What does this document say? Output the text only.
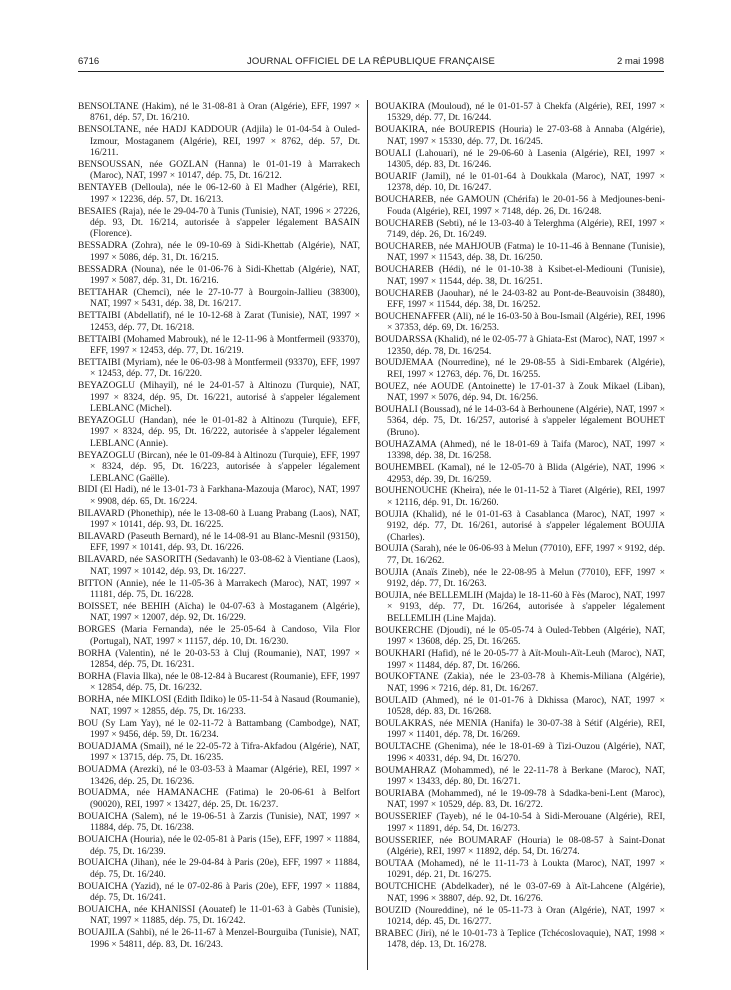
6716	JOURNAL OFFICIEL DE LA RÉPUBLIQUE FRANÇAISE	2 mai 1998

BENSOLTANE (Hakim), né le 31-08-81 à Oran (Algérie), EFF, 1997 × 8761, dép. 57, Dt. 16/210.

BENSOLTANE, née HADJ KADDOUR (Adjila) le 01-04-54 à Ouled-Izmour, Mostaganem (Algérie), REI, 1997 × 8762, dép. 57, Dt. 16/211.

BENSOUSSAN, née GOZLAN (Hanna) le 01-01-19 à Marrakech (Maroc), NAT, 1997 × 10147, dép. 75, Dt. 16/212.

BENTAYEB (Delloula), née le 06-12-60 à El Madher (Algérie), REI, 1997 × 12236, dép. 57, Dt. 16/213.

BESAIES (Raja), née le 29-04-70 à Tunis (Tunisie), NAT, 1996 × 27226, dép. 93, Dt. 16/214, autorisée à s'appeler légalement BASAIN (Florence).

BESSADRA (Zohra), née le 09-10-69 à Sidi-Khettab (Algérie), NAT, 1997 × 5086, dép. 31, Dt. 16/215.

BESSADRA (Nouna), née le 01-06-76 à Sidi-Khettab (Algérie), NAT, 1997 × 5087, dép. 31, Dt. 16/216.

BETTAHAR (Chemci), née le 27-10-77 à Bourgoin-Jallieu (38300), NAT, 1997 × 5431, dép. 38, Dt. 16/217.

BETTAIBI (Abdellatif), né le 10-12-68 à Zarat (Tunisie), NAT, 1997 × 12453, dép. 77, Dt. 16/218.

BETTAIBI (Mohamed Mabrouk), né le 12-11-96 à Montfermeil (93370), EFF, 1997 × 12453, dép. 77, Dt. 16/219.

BETTAIBI (Myriam), née le 06-03-98 à Montfermeil (93370), EFF, 1997 × 12453, dép. 77, Dt. 16/220.

BEYAZOGLU (Mihayil), né le 24-01-57 à Altinozu (Turquie), NAT, 1997 × 8324, dép. 95, Dt. 16/221, autorisé à s'appeler légalement LEBLANC (Michel).

BEYAZOGLU (Handan), née le 01-01-82 à Altinozu (Turquie), EFF, 1997 × 8324, dép. 95, Dt. 16/222, autorisée à s'appeler légalement LEBLANC (Annie).

BEYAZOGLU (Bircan), née le 01-09-84 à Altinozu (Turquie), EFF, 1997 × 8324, dép. 95, Dt. 16/223, autorisée à s'appeler légalement LEBLANC (Gaëlle).

BIDI (El Hadi), né le 13-01-73 à Farkhana-Mazouja (Maroc), NAT, 1997 × 9908, dép. 65, Dt. 16/224.

BILAVARD (Phonethip), née le 13-08-60 à Luang Prabang (Laos), NAT, 1997 × 10141, dép. 93, Dt. 16/225.

BILAVARD (Paseuth Bernard), né le 14-08-91 au Blanc-Mesnil (93150), EFF, 1997 × 10141, dép. 93, Dt. 16/226.

BILAVARD, née SASORITH (Sedavanh) le 03-08-62 à Vientiane (Laos), NAT, 1997 × 10142, dép. 93, Dt. 16/227.

BITTON (Annie), née le 11-05-36 à Marrakech (Maroc), NAT, 1997 × 11181, dép. 75, Dt. 16/228.

BOISSET, née BEHIH (Aïcha) le 04-07-63 à Mostaganem (Algérie), NAT, 1997 × 12007, dép. 92, Dt. 16/229.

BORGES (Maria Fernanda), née le 25-05-64 à Candoso, Vila Flor (Portugal), NAT, 1997 × 11157, dép. 10, Dt. 16/230.

BORHA (Valentin), né le 20-03-53 à Cluj (Roumanie), NAT, 1997 × 12854, dép. 75, Dt. 16/231.

BORHA (Flavia Ilka), née le 08-12-84 à Bucarest (Roumanie), EFF, 1997 × 12854, dép. 75, Dt. 16/232.

BORHA, née MIKLOSI (Edith Ildiko) le 05-11-54 à Nasaud (Roumanie), NAT, 1997 × 12855, dép. 75, Dt. 16/233.

BOU (Sy Lam Yay), né le 02-11-72 à Battambang (Cambodge), NAT, 1997 × 9456, dép. 59, Dt. 16/234.

BOUADJAMA (Smail), né le 22-05-72 à Tifra-Akfadou (Algérie), NAT, 1997 × 13715, dép. 75, Dt. 16/235.

BOUADMA (Arezki), né le 03-03-53 à Maamar (Algérie), REI, 1997 × 13426, dép. 25, Dt. 16/236.

BOUADMA, née HAMANACHE (Fatima) le 20-06-61 à Belfort (90020), REI, 1997 × 13427, dép. 25, Dt. 16/237.

BOUAICHA (Salem), né le 19-06-51 à Zarzis (Tunisie), NAT, 1997 × 11884, dép. 75, Dt. 16/238.

BOUAICHA (Houria), née le 02-05-81 à Paris (15e), EFF, 1997 × 11884, dép. 75, Dt. 16/239.

BOUAICHA (Jihan), née le 29-04-84 à Paris (20e), EFF, 1997 × 11884, dép. 75, Dt. 16/240.

BOUAICHA (Yazid), né le 07-02-86 à Paris (20e), EFF, 1997 × 11884, dép. 75, Dt. 16/241.

BOUAICHA, née KHANISSI (Aouatef) le 11-01-63 à Gabès (Tunisie), NAT, 1997 × 11885, dép. 75, Dt. 16/242.

BOUAJILA (Sahbi), né le 26-11-67 à Menzel-Bourguiba (Tunisie), NAT, 1996 × 54811, dép. 83, Dt. 16/243.

BOUAKIRA (Mouloud), né le 01-01-57 à Chekfa (Algérie), REI, 1997 × 15329, dép. 77, Dt. 16/244.

BOUAKIRA, née BOUREPIS (Houria) le 27-03-68 à Annaba (Algérie), NAT, 1997 × 15330, dép. 77, Dt. 16/245.

BOUALI (Lahouari), né le 29-06-60 à Lasenia (Algérie), REI, 1997 × 14305, dép. 83, Dt. 16/246.

BOUARIF (Jamil), né le 01-01-64 à Doukkala (Maroc), NAT, 1997 × 12378, dép. 10, Dt. 16/247.

BOUCHAREB, née GAMOUN (Chérifa) le 20-01-56 à Medjounes-beni-Fouda (Algérie), REI, 1997 × 7148, dép. 26, Dt. 16/248.

BOUCHAREB (Sebti), né le 13-03-40 à Telerghma (Algérie), REI, 1997 × 7149, dép. 26, Dt. 16/249.

BOUCHAREB, née MAHJOUB (Fatma) le 10-11-46 à Bennane (Tunisie), NAT, 1997 × 11543, dép. 38, Dt. 16/250.

BOUCHAREB (Hédi), né le 01-10-38 à Ksibet-el-Mediouni (Tunisie), NAT, 1997 × 11544, dép. 38, Dt. 16/251.

BOUCHAREB (Jaouhar), né le 24-03-82 au Pont-de-Beauvoisin (38480), EFF, 1997 × 11544, dép. 38, Dt. 16/252.

BOUCHENAFFER (Ali), né le 16-03-50 à Bou-Ismail (Algérie), REI, 1996 × 37353, dép. 69, Dt. 16/253.

BOUDARSSA (Khalid), né le 02-05-77 à Ghiata-Est (Maroc), NAT, 1997 × 12350, dép. 78, Dt. 16/254.

BOUDJEMAA (Nourredine), né le 29-08-55 à Sidi-Embarek (Algérie), REI, 1997 × 12763, dép. 76, Dt. 16/255.

BOUEZ, née AOUDE (Antoinette) le 17-01-37 à Zouk Mikael (Liban), NAT, 1997 × 5076, dép. 94, Dt. 16/256.

BOUHALI (Boussad), né le 14-03-64 à Berhounene (Algérie), NAT, 1997 × 5364, dép. 75, Dt. 16/257, autorisé à s'appeler légalement BOUHET (Bruno).

BOUHAZAMA (Ahmed), né le 18-01-69 à Taifa (Maroc), NAT, 1997 × 13398, dép. 38, Dt. 16/258.

BOUHEMBEL (Kamal), né le 12-05-70 à Blida (Algérie), NAT, 1996 × 42953, dép. 39, Dt. 16/259.

BOUHENOUCHE (Kheira), née le 01-11-52 à Tiaret (Algérie), REI, 1997 × 12116, dép. 91, Dt. 16/260.

BOUJIA (Khalid), né le 01-01-63 à Casablanca (Maroc), NAT, 1997 × 9192, dép. 77, Dt. 16/261, autorisé à s'appeler légalement BOUJIA (Charles).

BOUJIA (Sarah), née le 06-06-93 à Melun (77010), EFF, 1997 × 9192, dép. 77, Dt. 16/262.

BOUJIA (Anaïs Zineb), née le 22-08-95 à Melun (77010), EFF, 1997 × 9192, dép. 77, Dt. 16/263.

BOUJIA, née BELLEMLIH (Majda) le 18-11-60 à Fès (Maroc), NAT, 1997 × 9193, dép. 77, Dt. 16/264, autorisée à s'appeler légalement BELLEMLIH (Line Majda).

BOUKERCHE (Djoudi), né le 05-05-74 à Ouled-Tebben (Algérie), NAT, 1997 × 13608, dép. 25, Dt. 16/265.

BOUKHARI (Hafid), né le 20-05-77 à Aït-Moulı-Aït-Leuh (Maroc), NAT, 1997 × 11484, dép. 87, Dt. 16/266.

BOUKOFTANE (Zakia), née le 23-03-78 à Khemis-Miliana (Algérie), NAT, 1996 × 7216, dép. 81, Dt. 16/267.

BOULAID (Ahmed), né le 01-01-76 à Dkhissa (Maroc), NAT, 1997 × 10528, dép. 83, Dt. 16/268.

BOULAKRAS, née MENIA (Hanifa) le 30-07-38 à Sétif (Algérie), REI, 1997 × 11401, dép. 78, Dt. 16/269.

BOULTACHE (Ghenima), née le 18-01-69 à Tizi-Ouzou (Algérie), NAT, 1996 × 40331, dép. 94, Dt. 16/270.

BOUMAHRAZ (Mohammed), né le 22-11-78 à Berkane (Maroc), NAT, 1997 × 13433, dép. 80, Dt. 16/271.

BOURIABA (Mohammed), né le 19-09-78 à Sdadka-beni-Lent (Maroc), NAT, 1997 × 10529, dép. 83, Dt. 16/272.

BOUSSERIEF (Tayeb), né le 04-10-54 à Sidi-Merouane (Algérie), REI, 1997 × 11891, dép. 54, Dt. 16/273.

BOUSSERIEF, née BOUMARAF (Houria) le 08-08-57 à Saint-Donat (Algérie), REI, 1997 × 11892, dép. 54, Dt. 16/274.

BOUTAA (Mohamed), né le 11-11-73 à Loukta (Maroc), NAT, 1997 × 10291, dép. 21, Dt. 16/275.

BOUTCHICHE (Abdelkader), né le 03-07-69 à Aït-Lahcene (Algérie), NAT, 1996 × 38807, dép. 92, Dt. 16/276.

BOUZID (Noureddine), né le 05-11-73 à Oran (Algérie), NAT, 1997 × 10214, dép. 45, Dt. 16/277.

BRABEC (Jiri), né le 10-01-73 à Teplice (Tchécoslovaquie), NAT, 1998 × 1478, dép. 13, Dt. 16/278.
